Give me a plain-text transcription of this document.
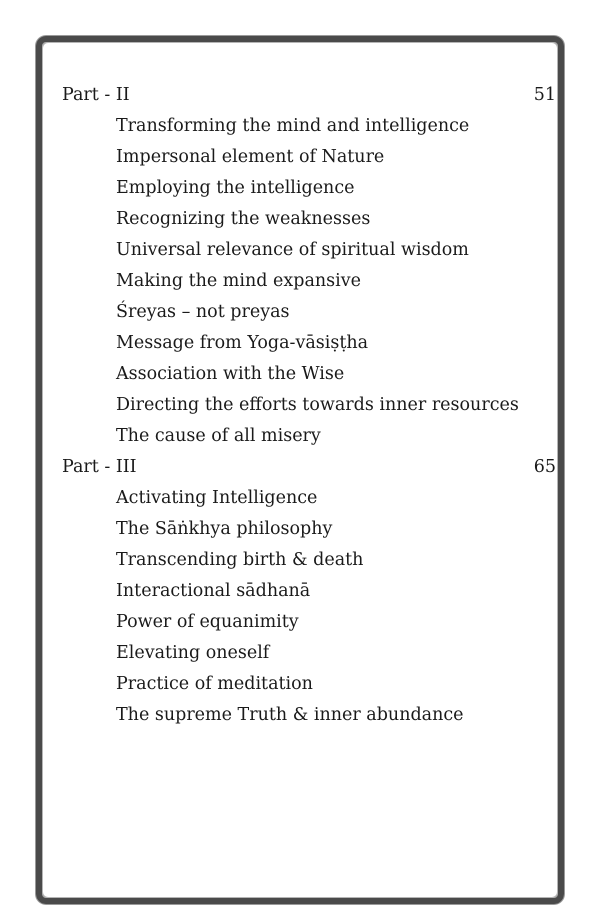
Part - II	51
Transforming the mind and intelligence
Impersonal element of Nature
Employing the intelligence
Recognizing the weaknesses
Universal relevance of spiritual wisdom
Making the mind expansive
Śreyas – not preyas
Message from Yoga-vāsiṣṭha
Association with the Wise
Directing the efforts towards inner resources
The cause of all misery
Part - III	65
Activating Intelligence
The Sāṅkhya philosophy
Transcending birth & death
Interactional sādhanā
Power of equanimity
Elevating oneself
Practice of meditation
The supreme Truth & inner abundance
